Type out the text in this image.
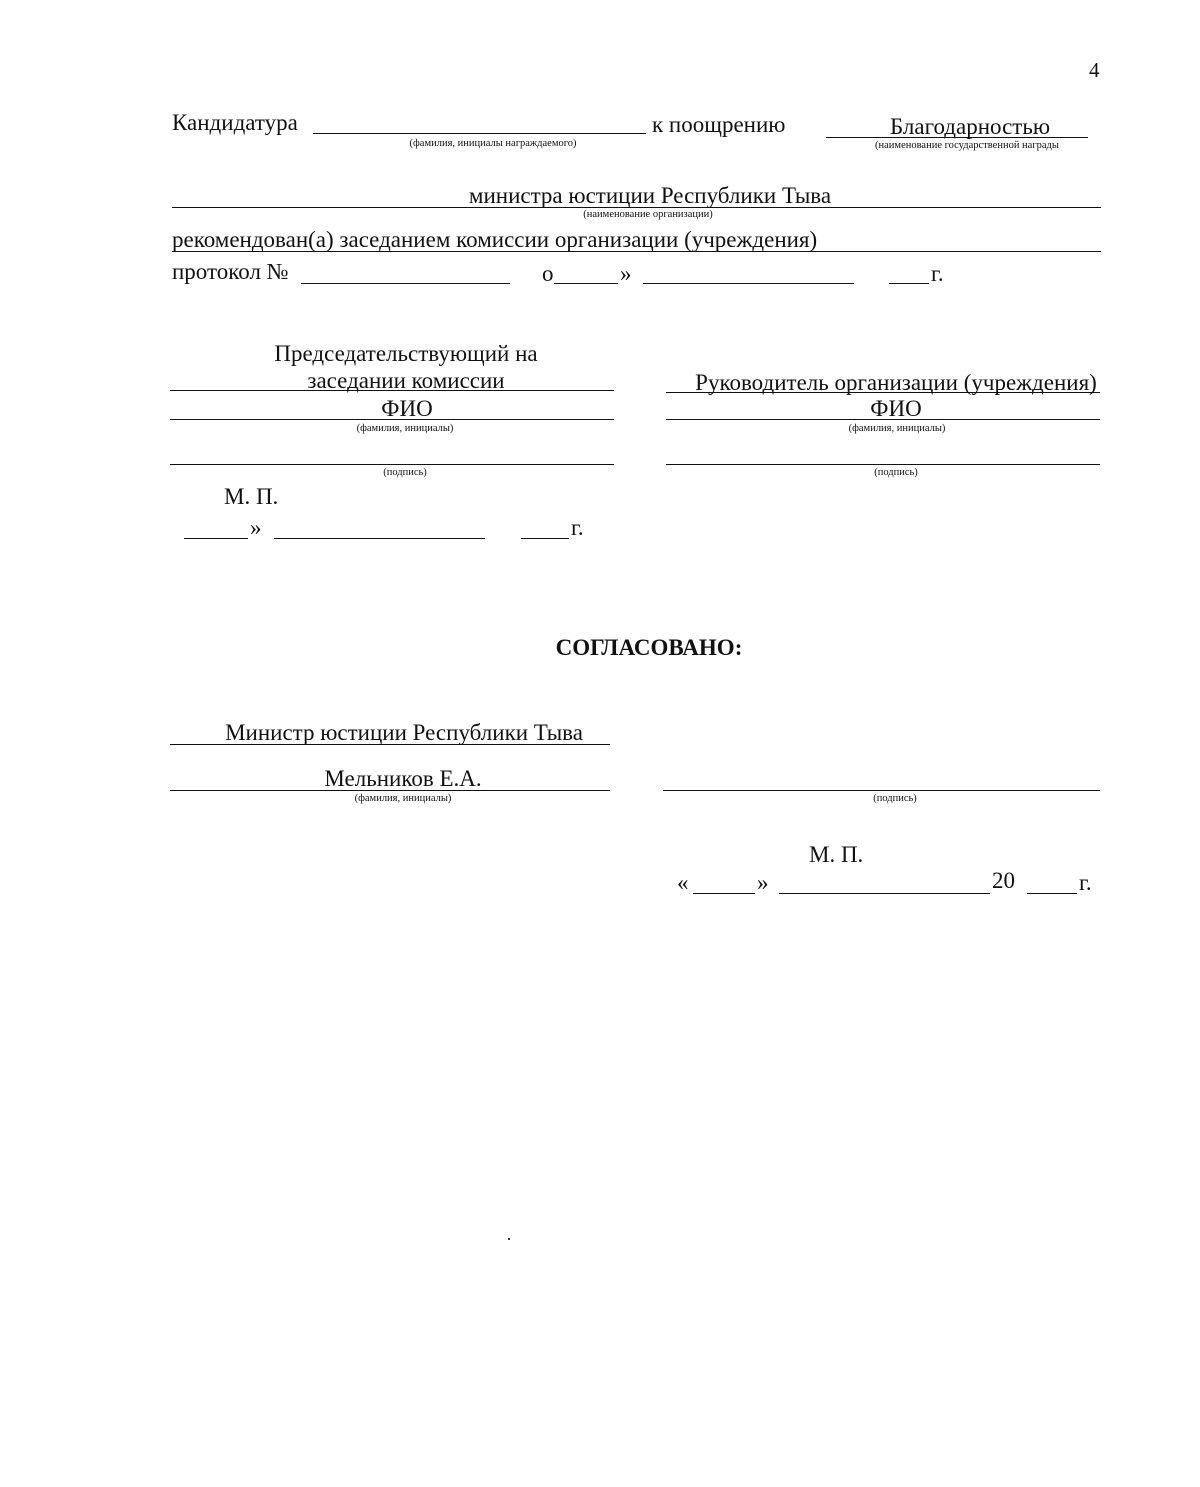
4
Кандидатура
(фамилия, инициалы награждаемого)
к поощрению	Благодарностью
(наименование государственной награды
министра юстиции Республики Тыва
(наименование организации)
рекомендован(а) заседанием комиссии организации (учреждения)
протокол №	о	»	г.
Председательствующий на
заседании комиссии
ФИО
(фамилия, инициалы)
(подпись)
М. П.
»	г.
Руководитель организации (учреждения)
ФИО
(фамилия, инициалы)
(подпись)
СОГЛАСОВАНО:
Министр юстиции Республики Тыва
Мельников Е.А.
(фамилия, инициалы)	(подпись)
М. П.
«	»	20	г.
